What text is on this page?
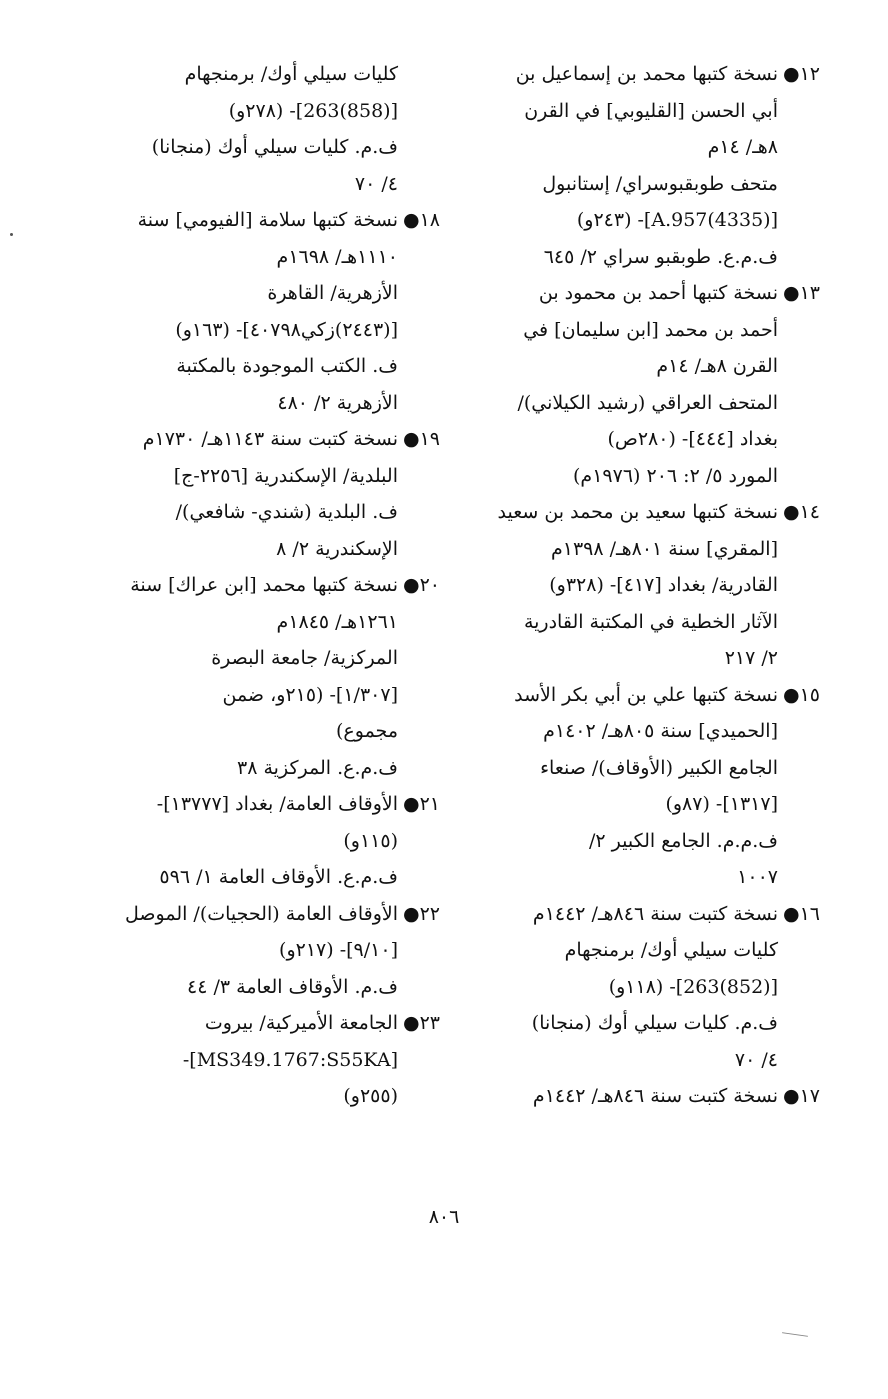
١٢●

نسخة كتبها محمد بن إسماعيل بن

أبي الحسن [القليوبي] في القرن

٨هـ/ ١٤م

متحف طوبقبوسراي/ إستانبول

[A.957(4335)]- (٢٤٣و)

ف.م.ع. طوبقبو سراي ٢/ ٦٤٥

١٣●

نسخة كتبها أحمد بن محمود بن

أحمد بن محمد [ابن سليمان] في

القرن ٨هـ/ ١٤م

المتحف العراقي (رشيد الكيلاني)/

بغداد [٤٤٤]- (٢٨٠ص)

المورد ٥/ ٢: ٢٠٦ (١٩٧٦م)

١٤●

نسخة كتبها سعيد بن محمد بن سعيد

[المقري] سنة ٨٠١هـ/ ١٣٩٨م

القادرية/ بغداد [٤١٧]- (٣٢٨و)

الآثار الخطية في المكتبة القادرية

٢/ ٢١٧

١٥●

نسخة كتبها علي بن أبي بكر الأسد

[الحميدي] سنة ٨٠٥هـ/ ١٤٠٢م

الجامع الكبير (الأوقاف)/ صنعاء

[١٣١٧]- (٨٧و)

ف.م.م. الجامع الكبير ٢/

١٠٠٧

١٦●

نسخة كتبت سنة ٨٤٦هـ/ ١٤٤٢م

كليات سيلي أوك/ برمنجهام

[(852)263]- (١١٨و)

ف.م. كليات سيلي أوك (منجانا)

٤/ ٧٠

١٧●

نسخة كتبت سنة ٨٤٦هـ/ ١٤٤٢م

كليات سيلي أوك/ برمنجهام

[(858)263]- (٢٧٨و)

ف.م. كليات سيلي أوك (منجانا)

٤/ ٧٠

١٨●

نسخة كتبها سلامة [الفيومي] سنة

١١١٠هـ/ ١٦٩٨م

الأزهرية/ القاهرة

[(٢٤٤٣)زكي٤٠٧٩٨]- (١٦٣و)

ف. الكتب الموجودة بالمكتبة

الأزهرية ٢/ ٤٨٠

١٩●

نسخة كتبت سنة ١١٤٣هـ/ ١٧٣٠م

البلدية/ الإسكندرية [٢٢٥٦-ج]

ف. البلدية (شندي- شافعي)/

الإسكندرية ٢/ ٨

٢٠●

نسخة كتبها محمد [ابن عراك] سنة

١٢٦١هـ/ ١٨٤٥م

المركزية/ جامعة البصرة

[١/٣٠٧]- (٢١٥و، ضمن

مجموع)

ف.م.ع. المركزية ٣٨

٢١●

الأوقاف العامة/ بغداد [١٣٧٧٧]-

(١١٥و)

ف.م.ع. الأوقاف العامة ١/ ٥٩٦

٢٢●

الأوقاف العامة (الحجيات)/ الموصل

[٩/١٠]- (٢١٧و)

ف.م. الأوقاف العامة ٣/ ٤٤

٢٣●

الجامعة الأميركية/ بيروت

[MS349.1767:S55KA]-

(٢٥٥و)

٨٠٦
